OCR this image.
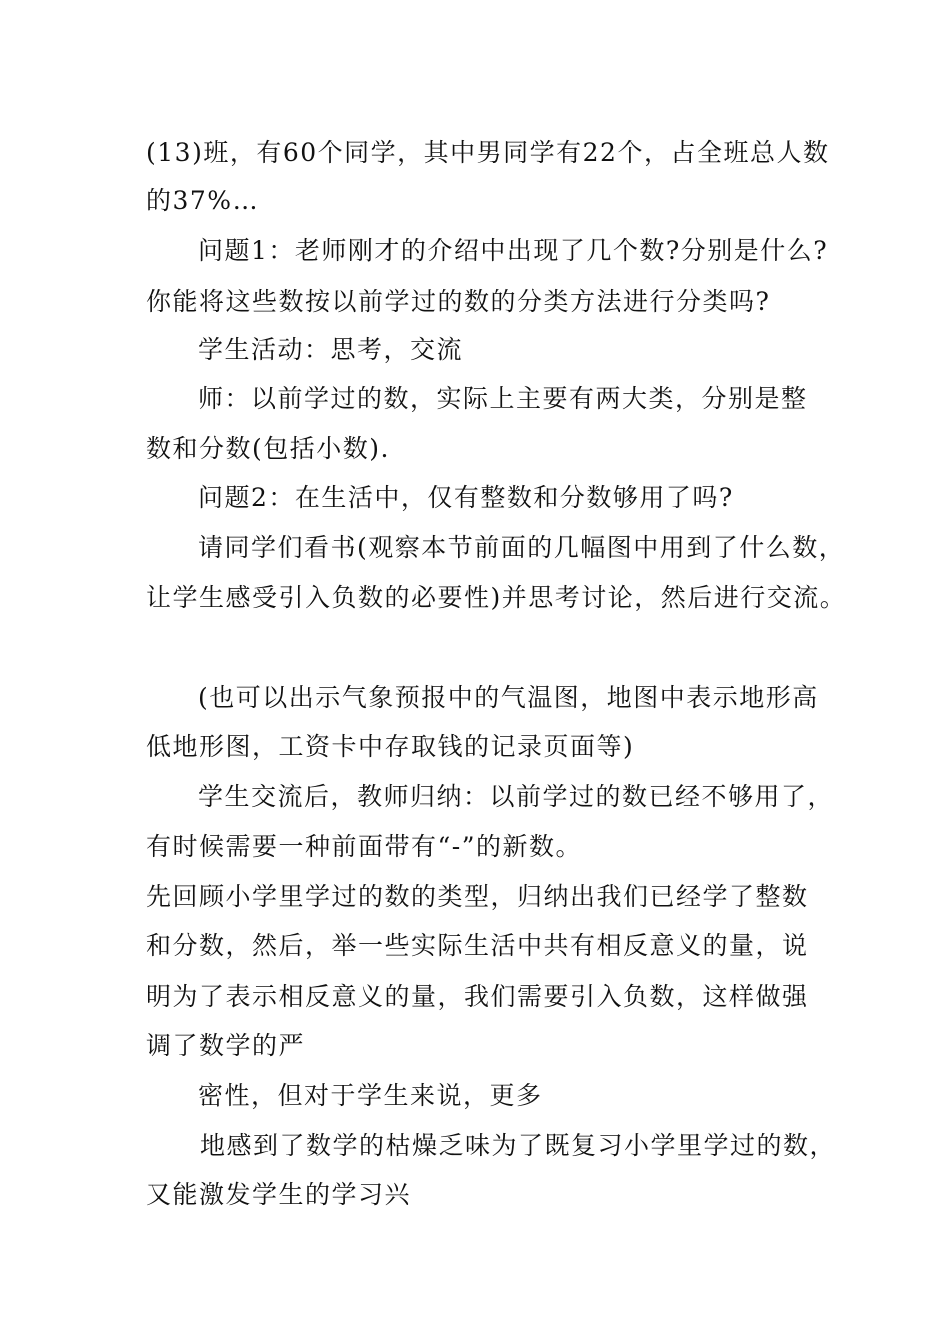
(13)班，有60个同学，其中男同学有22个，占全班总人数
的37%…
问题1：老师刚才的介绍中出现了几个数?分别是什么?
你能将这些数按以前学过的数的分类方法进行分类吗?
学生活动：思考，交流
师：以前学过的数，实际上主要有两大类，分别是整
数和分数(包括小数).
问题2：在生活中，仅有整数和分数够用了吗?
请同学们看书(观察本节前面的几幅图中用到了什么数，
让学生感受引入负数的必要性)并思考讨论，然后进行交流。
(也可以出示气象预报中的气温图，地图中表示地形高
低地形图，工资卡中存取钱的记录页面等)
学生交流后，教师归纳：以前学过的数已经不够用了，
有时候需要一种前面带有“-”的新数。
先回顾小学里学过的数的类型，归纳出我们已经学了整数
和分数，然后，举一些实际生活中共有相反意义的量，说
明为了表示相反意义的量，我们需要引入负数，这样做强
调了数学的严
密性，但对于学生来说，更多
地感到了数学的枯燥乏味为了既复习小学里学过的数，
又能激发学生的学习兴
